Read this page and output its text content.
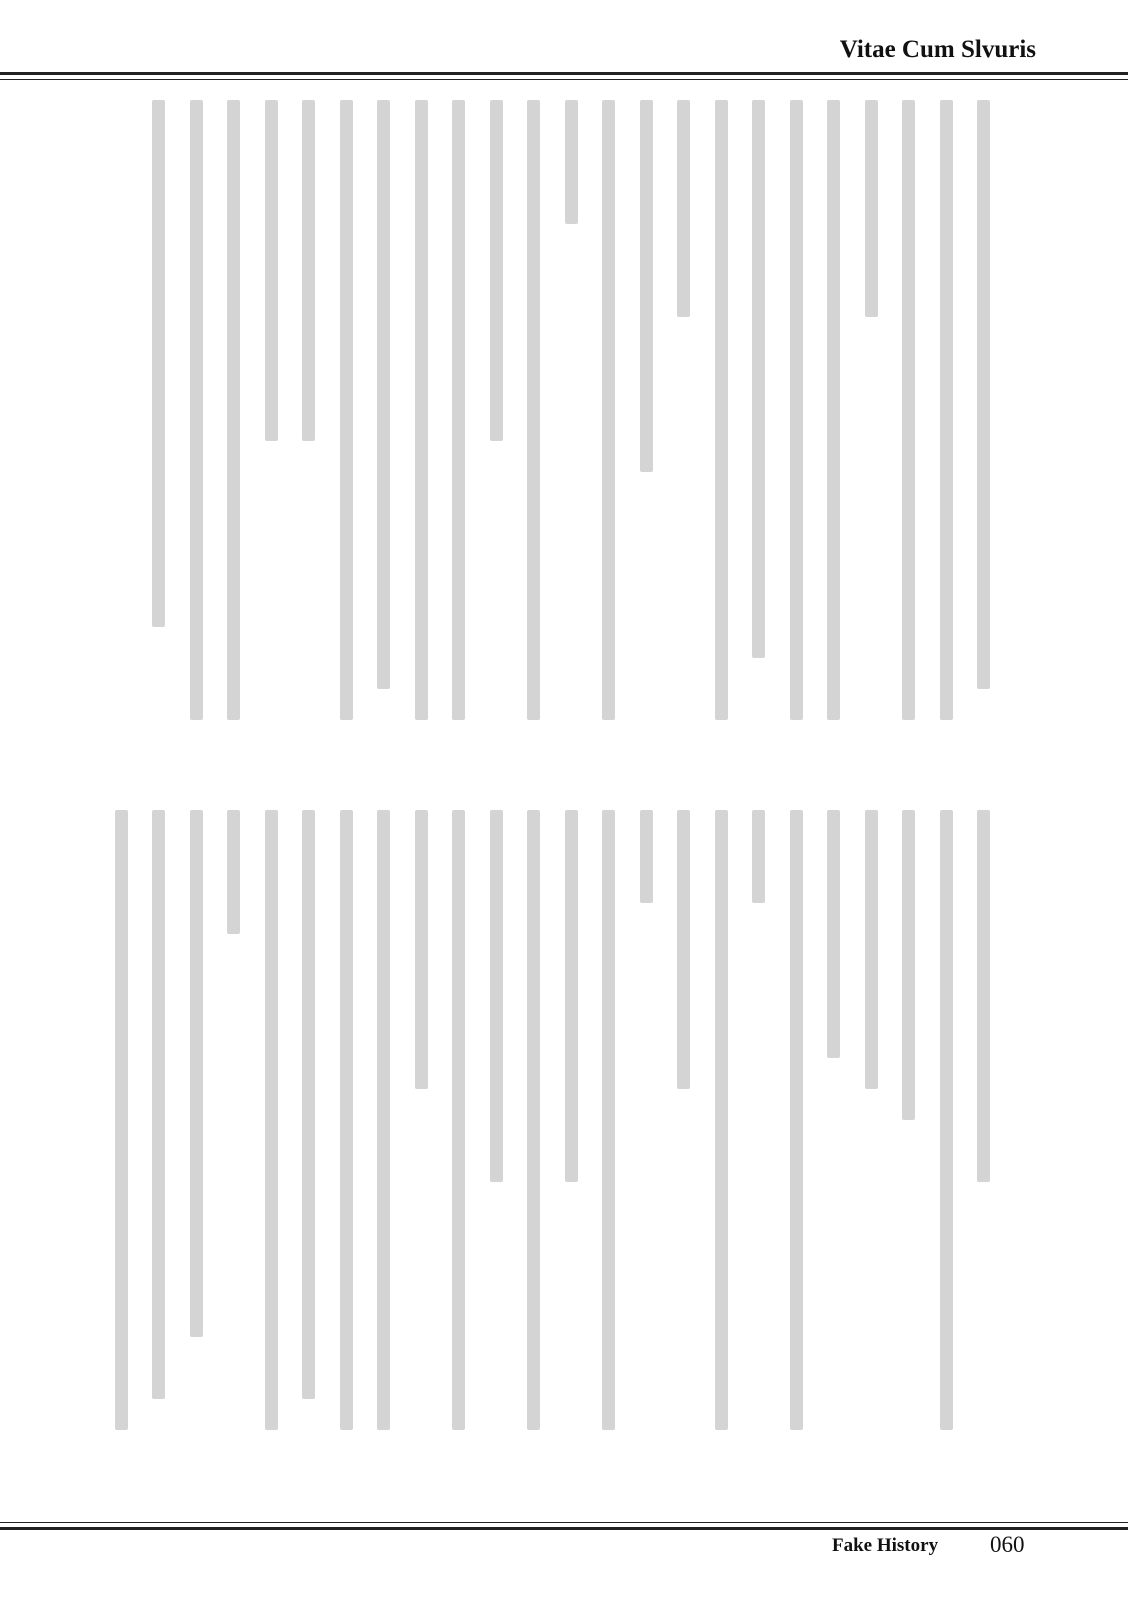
Vitae Cum Slvuris
Fake History 060
